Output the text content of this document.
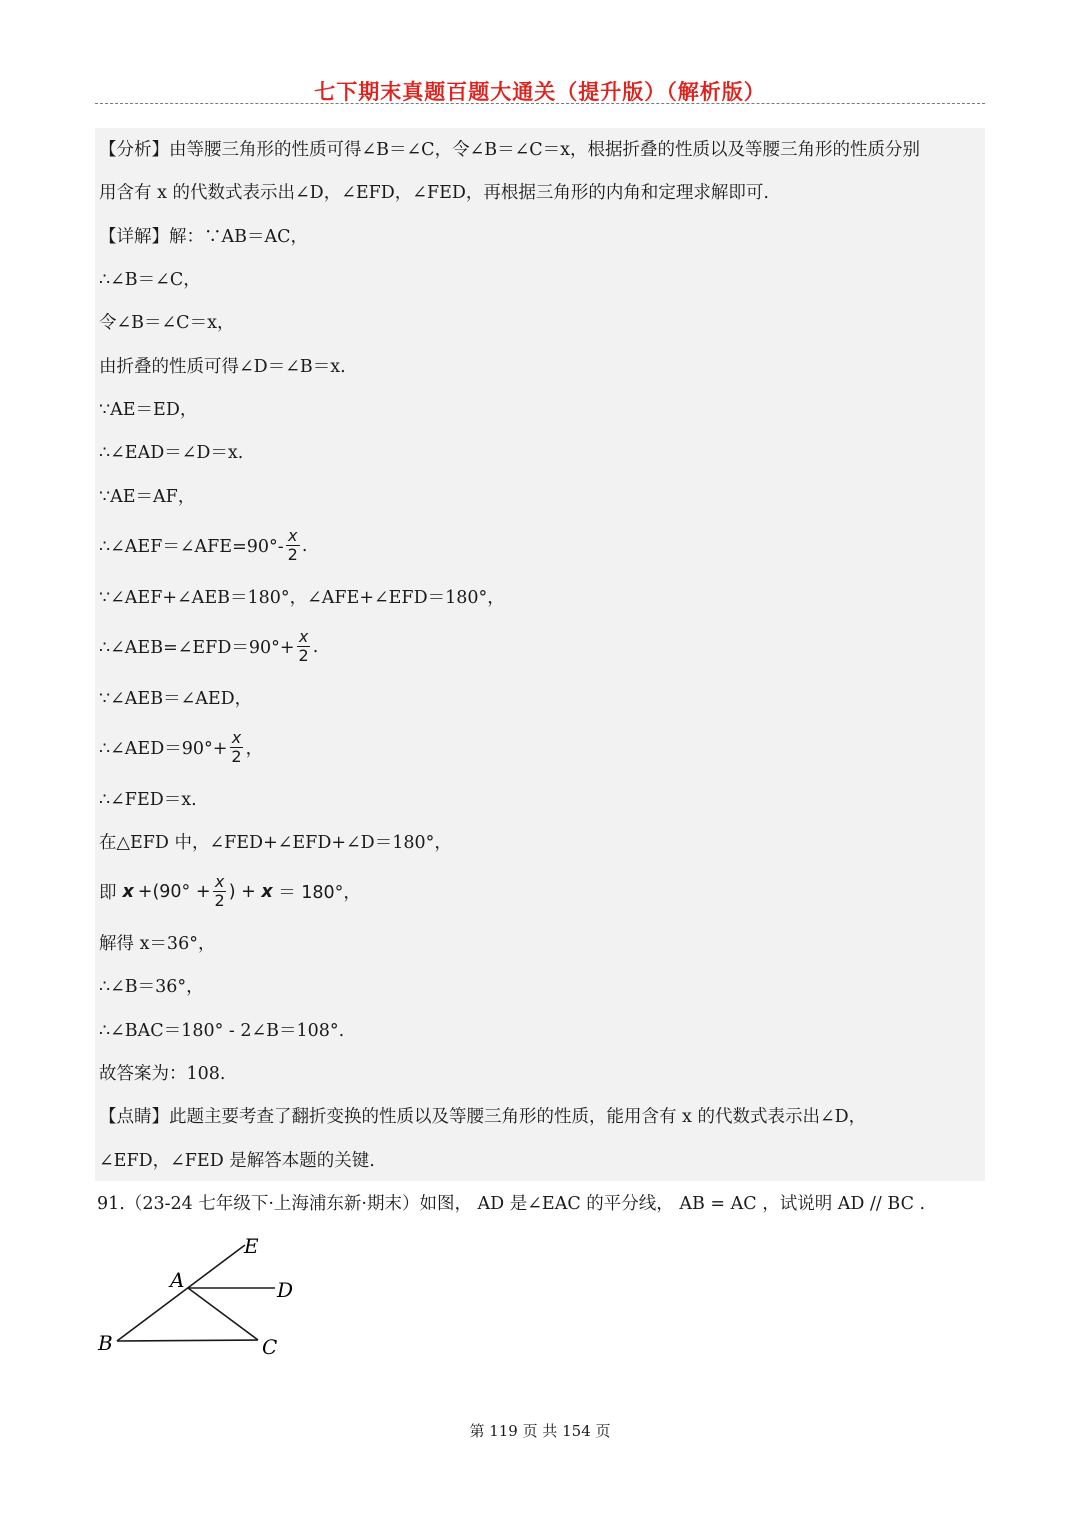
七下期末真题百题大通关（提升版）（解析版）
【分析】由等腰三角形的性质可得∠B＝∠C，令∠B＝∠C＝x，根据折叠的性质以及等腰三角形的性质分别
用含有 x 的代数式表示出∠D，∠EFD，∠FED，再根据三角形的内角和定理求解即可.
【详解】解：∵AB＝AC，
∴∠B＝∠C，
令∠B＝∠C＝x，
由折叠的性质可得∠D＝∠B＝x.
∵AE＝ED，
∴∠EAD＝∠D＝x.
∵AE＝AF，
∴∠AEF＝∠AFE=90°- $\frac{x}{2}$ .
∵∠AEF+∠AEB＝180°，∠AFE+∠EFD＝180°，
∴∠AEB=∠EFD＝90°+ $\frac{x}{2}$ .
∵∠AEB＝∠AED，
∴∠AED＝90°+ $\frac{x}{2}$ ，
∴∠FED＝x.
在△EFD 中，∠FED+∠EFD+∠D＝180°，
即 $x +(90^\circ + \frac{x}{2}$ ) + x ＝ 180°，
解得 x＝36°，
∴∠B＝36°，
∴∠BAC＝180° - 2∠B＝108°.
故答案为：108.
【点睛】此题主要考查了翻折变换的性质以及等腰三角形的性质，能用含有 x 的代数式表示出∠D，
∠EFD，∠FED 是解答本题的关键.
91.（23-24 七年级下·上海浦东新·期末）如图， AD 是∠EAC 的平分线， AB = AC ，试说明 AD // BC .
E
A	D
B	C
第 119 页 共 154 页
